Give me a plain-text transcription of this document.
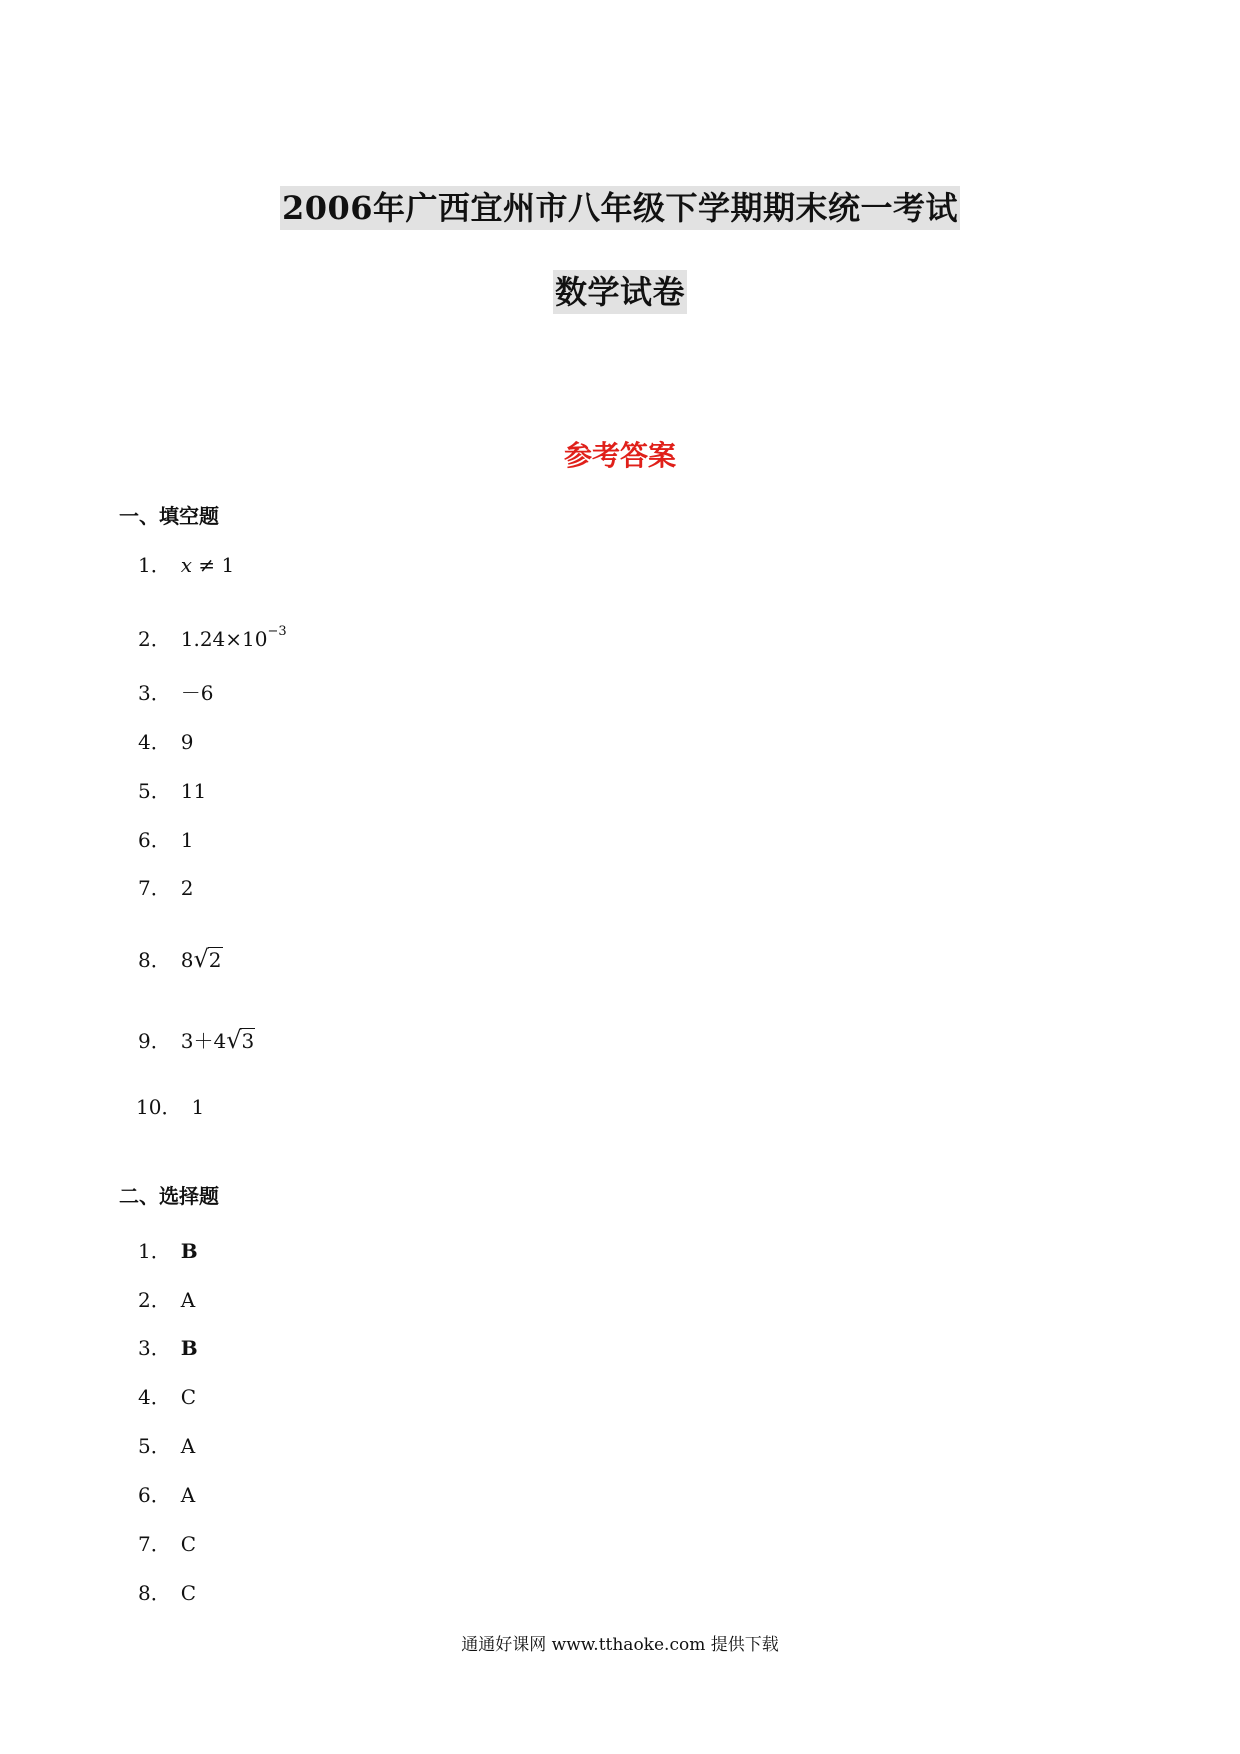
2006年广西宜州市八年级下学期期末统一考试
数学试卷
参考答案
一、填空题
1． x ≠ 1
2． $1.24\times 10^{-3}$
3． －6
4． 9
5． 11
6． 1
7． 2
8． 8√2
9． 3＋4√3
10． 1
二、选择题
1． B
2． A
3． B
4． C
5． A
6． A
7． C
8． C
通通好课网 www.tthaoke.com 提供下载
